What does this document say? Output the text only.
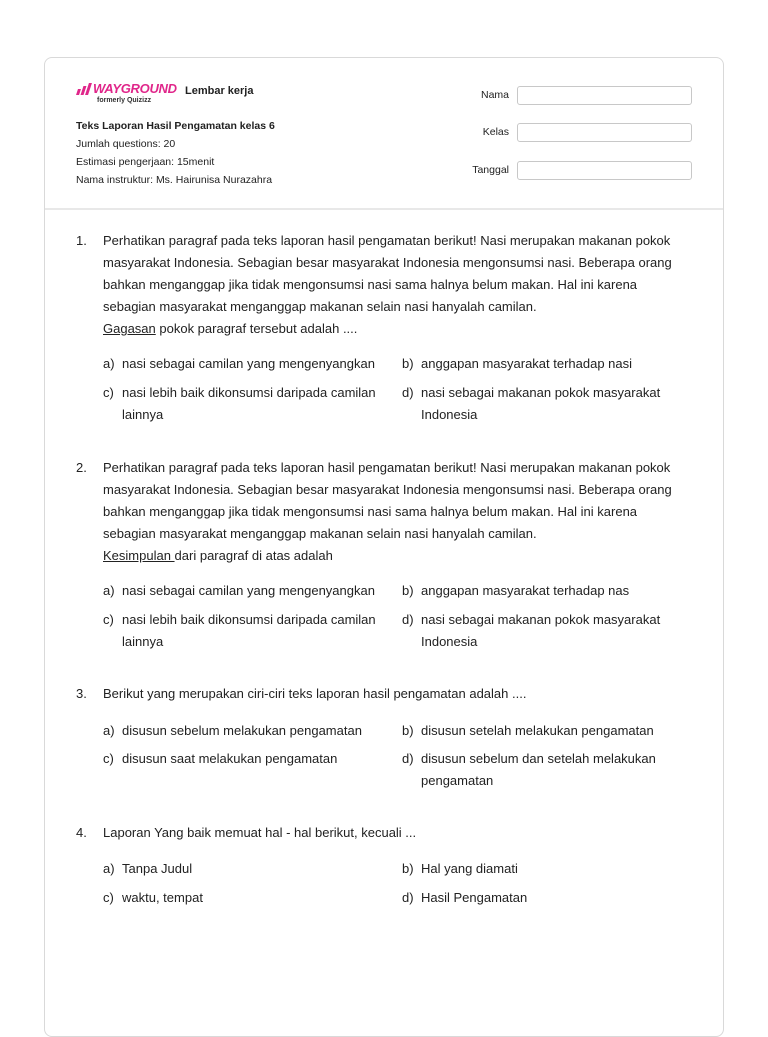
WAYGROUND
formerly Quizizz
Lembar kerja
Teks Laporan Hasil Pengamatan kelas 6
Jumlah questions: 20
Estimasi pengerjaan: 15menit
Nama instruktur: Ms. Hairunisa Nurazahra
Nama
Kelas
Tanggal
1. Perhatikan paragraf pada teks laporan hasil pengamatan berikut! Nasi merupakan makanan pokok masyarakat Indonesia. Sebagian besar masyarakat Indonesia mengonsumsi nasi. Beberapa orang bahkan menganggap jika tidak mengonsumsi nasi sama halnya belum makan. Hal ini karena sebagian masyarakat menganggap makanan selain nasi hanyalah camilan.
Gagasan pokok paragraf tersebut adalah ....
a) nasi sebagai camilan yang mengenyangkan	b) anggapan masyarakat terhadap nasi
c) nasi lebih baik dikonsumsi daripada camilan lainnya
d) nasi sebagai makanan pokok masyarakat Indonesia
2. Perhatikan paragraf pada teks laporan hasil pengamatan berikut! Nasi merupakan makanan pokok masyarakat Indonesia. Sebagian besar masyarakat Indonesia mengonsumsi nasi. Beberapa orang bahkan menganggap jika tidak mengonsumsi nasi sama halnya belum makan. Hal ini karena sebagian masyarakat menganggap makanan selain nasi hanyalah camilan.
Kesimpulan dari paragraf di atas adalah
a) nasi sebagai camilan yang mengenyangkan	b) anggapan masyarakat terhadap nas
c) nasi lebih baik dikonsumsi daripada camilan lainnya
d) nasi sebagai makanan pokok masyarakat Indonesia
3. Berikut yang merupakan ciri-ciri teks laporan hasil pengamatan adalah ....
a) disusun sebelum melakukan pengamatan	b) disusun setelah melakukan pengamatan
c) disusun saat melakukan pengamatan	d) disusun sebelum dan setelah melakukan pengamatan
4. Laporan Yang baik memuat hal - hal berikut, kecuali ...
a) Tanpa Judul	b) Hal yang diamati
c) waktu, tempat	d) Hasil Pengamatan
